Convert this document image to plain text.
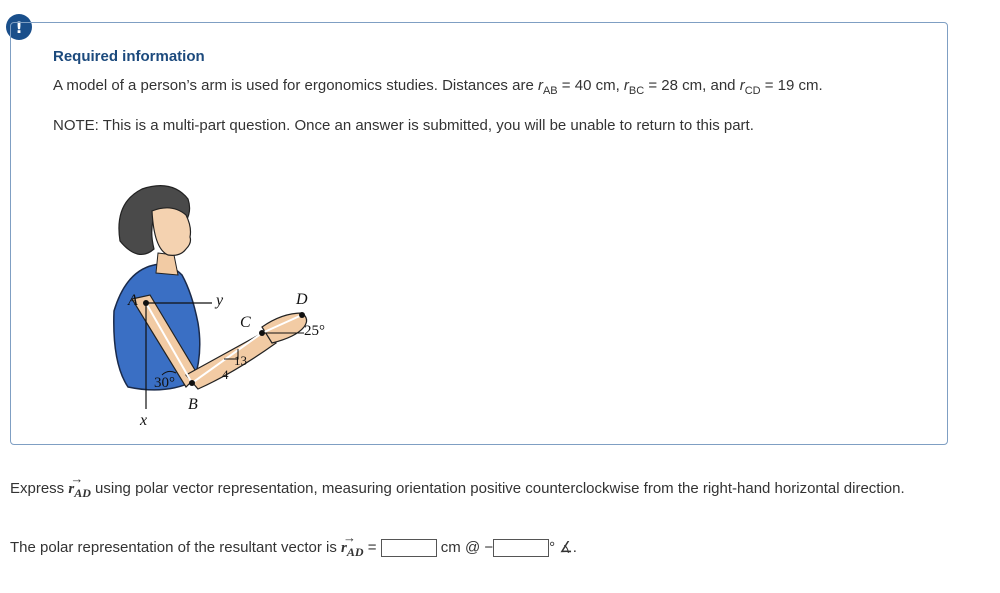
!
Required information
A model of a person’s arm is used for ergonomics studies. Distances are $r_{AB} = 40$ cm, $r_{BC} = 28$ cm, and $r_{CD} = 19$ cm.
NOTE: This is a multi-part question. Once an answer is submitted, you will be unable to return to this part.
A	y
C
D
25°
13
4
30°
B
x
Express
→
$r_{AD}$ using polar vector representation, measuring orientation positive counterclockwise from the right-hand horizontal direction.
The polar representation of the resultant vector is
→
$r_{AD}$ =	cm @ −	° ∡.
